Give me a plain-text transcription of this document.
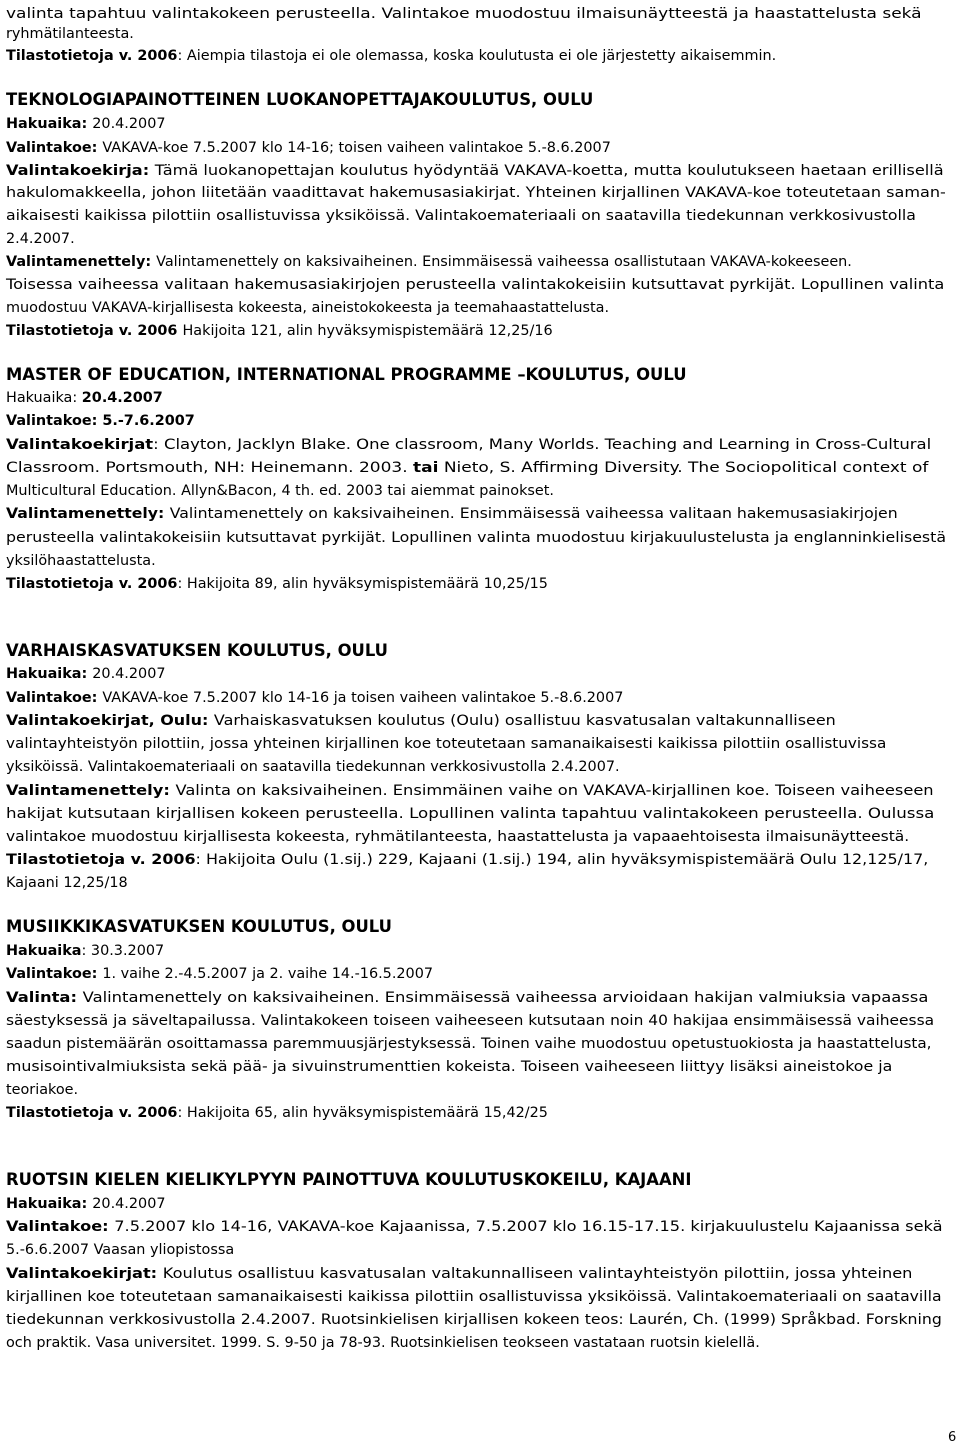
valinta tapahtuu valintakokeen perusteella. Valintakoe muodostuu ilmaisunäytteestä ja haastattelusta sekä
ryhmätilanteesta.
Tilastotietoja v. 2006: Aiempia tilastoja ei ole olemassa, koska koulutusta ei ole järjestetty aikaisemmin.
TEKNOLOGIAPAINOTTEINEN LUOKANOPETTAJAKOULUTUS, OULU
Hakuaika: 20.4.2007
Valintakoe: VAKAVA-koe 7.5.2007 klo 14-16; toisen vaiheen valintakoe 5.-8.6.2007
Valintakoekirja: Tämä luokanopettajan koulutus hyödyntää VAKAVA-koetta, mutta koulutukseen haetaan erillisellä
hakulomakkeella, johon liitetään vaadittavat hakemusasiakirjat. Yhteinen kirjallinen VAKAVA-koe toteutetaan saman-
aikaisesti kaikissa pilottiin osallistuvissa yksiköissä. Valintakoemateriaali on saatavilla tiedekunnan verkkosivustolla
2.4.2007.
Valintamenettely: Valintamenettely on kaksivaiheinen. Ensimmäisessä vaiheessa osallistutaan VAKAVA-kokeeseen.
Toisessa vaiheessa valitaan hakemusasiakirjojen perusteella valintakokeisiin kutsuttavat pyrkijät. Lopullinen valinta
muodostuu VAKAVA-kirjallisesta kokeesta, aineistokokeesta ja teemahaastattelusta.
Tilastotietoja v. 2006 Hakijoita 121, alin hyväksymispistemäärä 12,25/16
MASTER OF EDUCATION, INTERNATIONAL PROGRAMME –KOULUTUS, OULU
Hakuaika: 20.4.2007
Valintakoe: 5.-7.6.2007
Valintakoekirjat: Clayton, Jacklyn Blake. One classroom, Many Worlds. Teaching and Learning in Cross-Cultural
Classroom. Portsmouth, NH: Heinemann. 2003. tai Nieto, S. Affirming Diversity. The Sociopolitical context of
Multicultural Education. Allyn&Bacon, 4 th. ed. 2003 tai aiemmat painokset.
Valintamenettely: Valintamenettely on kaksivaiheinen. Ensimmäisessä vaiheessa valitaan hakemusasiakirjojen
perusteella valintakokeisiin kutsuttavat pyrkijät. Lopullinen valinta muodostuu kirjakuulustelusta ja englanninkielisestä
yksilöhaastattelusta.
Tilastotietoja v. 2006: Hakijoita 89, alin hyväksymispistemäärä 10,25/15
VARHAISKASVATUKSEN KOULUTUS, OULU
Hakuaika: 20.4.2007
Valintakoe: VAKAVA-koe 7.5.2007 klo 14-16 ja toisen vaiheen valintakoe 5.-8.6.2007
Valintakoekirjat, Oulu: Varhaiskasvatuksen koulutus (Oulu) osallistuu kasvatusalan valtakunnalliseen
valintayhteistyön pilottiin, jossa yhteinen kirjallinen koe toteutetaan samanaikaisesti kaikissa pilottiin osallistuvissa
yksiköissä. Valintakoemateriaali on saatavilla tiedekunnan verkkosivustolla 2.4.2007.
Valintamenettely: Valinta on kaksivaiheinen. Ensimmäinen vaihe on VAKAVA-kirjallinen koe. Toiseen vaiheeseen
hakijat kutsutaan kirjallisen kokeen perusteella. Lopullinen valinta tapahtuu valintakokeen perusteella. Oulussa
valintakoe muodostuu kirjallisesta kokeesta, ryhmätilanteesta, haastattelusta ja vapaaehtoisesta ilmaisunäytteestä.
Tilastotietoja v. 2006: Hakijoita Oulu (1.sij.) 229, Kajaani (1.sij.) 194, alin hyväksymispistemäärä Oulu 12,125/17,
Kajaani 12,25/18
MUSIIKKIKASVATUKSEN KOULUTUS, OULU
Hakuaika: 30.3.2007
Valintakoe: 1. vaihe 2.-4.5.2007 ja 2. vaihe 14.-16.5.2007
Valinta: Valintamenettely on kaksivaiheinen. Ensimmäisessä vaiheessa arvioidaan hakijan valmiuksia vapaassa
säestyksessä ja säveltapailussa. Valintakokeen toiseen vaiheeseen kutsutaan noin 40 hakijaa ensimmäisessä vaiheessa
saadun pistemäärän osoittamassa paremmuusjärjestyksessä. Toinen vaihe muodostuu opetustuokiosta ja haastattelusta,
musisointivalmiuksista sekä pää- ja sivuinstrumenttien kokeista. Toiseen vaiheeseen liittyy lisäksi aineistokoe ja
teoriakoe.
Tilastotietoja v. 2006: Hakijoita 65, alin hyväksymispistemäärä 15,42/25
RUOTSIN KIELEN KIELIKYLPYYN PAINOTTUVA KOULUTUSKOKEILU, KAJAANI
Hakuaika: 20.4.2007
Valintakoe: 7.5.2007 klo 14-16, VAKAVA-koe Kajaanissa, 7.5.2007 klo 16.15-17.15. kirjakuulustelu Kajaanissa sekä
5.-6.6.2007 Vaasan yliopistossa
Valintakoekirjat: Koulutus osallistuu kasvatusalan valtakunnalliseen valintayhteistyön pilottiin, jossa yhteinen
kirjallinen koe toteutetaan samanaikaisesti kaikissa pilottiin osallistuvissa yksiköissä. Valintakoemateriaali on saatavilla
tiedekunnan verkkosivustolla 2.4.2007. Ruotsinkielisen kirjallisen kokeen teos: Laurén, Ch. (1999) Språkbad. Forskning
och praktik. Vasa universitet. 1999. S. 9-50 ja 78-93. Ruotsinkielisen teokseen vastataan ruotsin kielellä.
6
